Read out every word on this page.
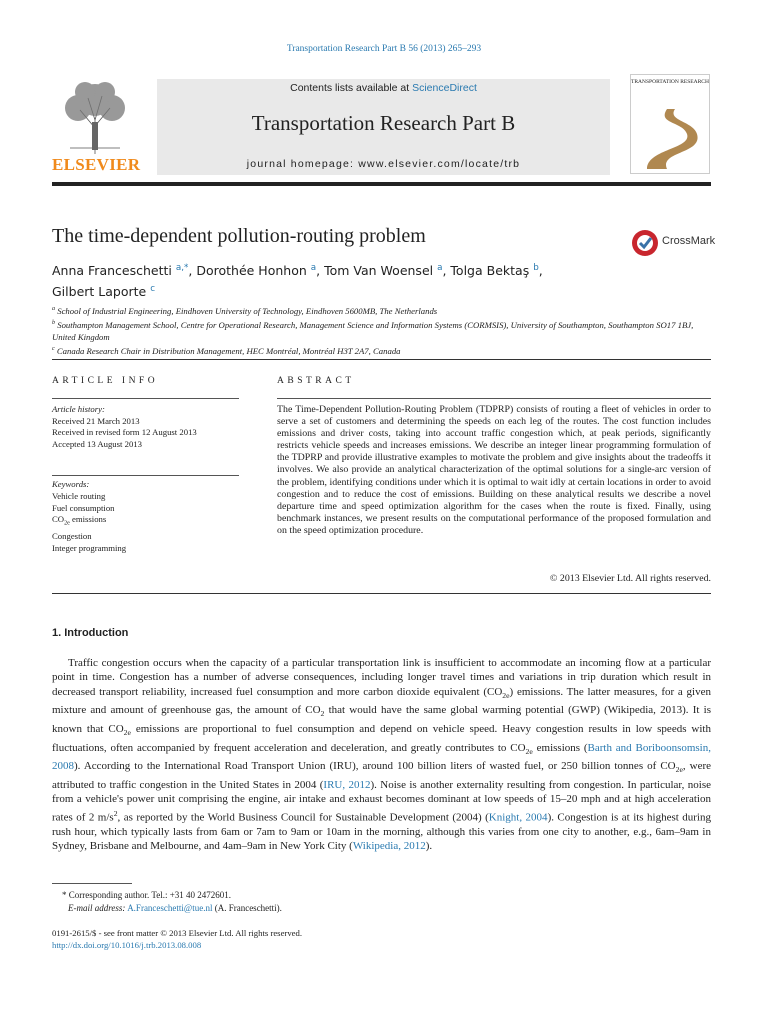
Transportation Research Part B 56 (2013) 265–293
ELSEVIER
Contents lists available at ScienceDirect
Transportation Research Part B
journal homepage: www.elsevier.com/locate/trb
TRANSPORTATION RESEARCH
The time-dependent pollution-routing problem	CrossMark
Anna Franceschetti $^{a,*}$, Dorothée Honhon $^a$, Tom Van Woensel $^a$, Tolga Bektaş $^b$,
Gilbert Laporte $^c$
$^a$ School of Industrial Engineering, Eindhoven University of Technology, Eindhoven 5600MB, The Netherlands
$^b$ Southampton Management School, Centre for Operational Research, Management Science and Information Systems (CORMSIS), University of Southampton, Southampton SO17 1BJ, United Kingdom
$^c$ Canada Research Chair in Distribution Management, HEC Montréal, Montréal H3T 2A7, Canada
ARTICLE INFO	ABSTRACT
Article history:
Received 21 March 2013
Received in revised form 12 August 2013
Accepted 13 August 2013
Keywords:
Vehicle routing
Fuel consumption
$CO_{2e}$ emissions
Congestion
Integer programming
The Time-Dependent Pollution-Routing Problem (TDPRP) consists of routing a fleet of vehicles in order to serve a set of customers and determining the speeds on each leg of the routes. The cost function includes emissions and driver costs, taking into account traffic congestion which, at peak periods, significantly restricts vehicle speeds and increases emissions. We describe an integer linear programming formulation of the TDPRP and provide illustrative examples to motivate the problem and give insights about the tradeoffs it involves. We also provide an analytical characterization of the optimal solutions for a single-arc version of the problem, identifying conditions under which it is optimal to wait idly at certain locations in order to avoid congestion and to reduce the cost of emissions. Building on these analytical results we describe a novel departure time and speed optimization algorithm for the cases when the route is fixed. Finally, using benchmark instances, we present results on the computational performance of the proposed formulation and on the speed optimization procedure.
© 2013 Elsevier Ltd. All rights reserved.
1. Introduction
Traffic congestion occurs when the capacity of a particular transportation link is insufficient to accommodate an incoming flow at a particular point in time. Congestion has a number of adverse consequences, including longer travel times and variations in trip duration which result in decreased transport reliability, increased fuel consumption and more carbon dioxide equivalent $(CO_{2e})$ emissions. The latter measures, for a given mixture and amount of greenhouse gas, the amount of $CO_2$ that would have the same global warming potential (GWP) (Wikipedia, 2013). It is known that $CO_{2e}$ emissions are proportional to fuel consumption and depend on vehicle speed. Heavy congestion results in low speeds with fluctuations, often accompanied by frequent acceleration and deceleration, and greatly contributes to $CO_{2e}$ emissions (Barth and Boriboonsomsin, 2008). According to the International Road Transport Union (IRU), around 100 billion liters of wasted fuel, or 250 billion tonnes of $CO_{2e}$, were attributed to traffic congestion in the United States in 2004 (IRU, 2012). Noise is another externality resulting from congestion. In particular, noise from a vehicle's power unit comprising the engine, air intake and exhaust becomes dominant at low speeds of 15–20 mph and at high acceleration rates of 2 $m/s^2$, as reported by the World Business Council for Sustainable Development (2004) (Knight, 2004). Congestion is at its highest during rush hour, which typically lasts from 6am or 7am to 9am or 10am in the morning, although this varies from one city to another, e.g., 6am–9am in Sydney, Brisbane and Melbourne, and 4am–9am in New York City (Wikipedia, 2012).
* Corresponding author. Tel.: +31 40 2472601.
E-mail address: A.Franceschetti@tue.nl (A. Franceschetti).
0191-2615/$ - see front matter © 2013 Elsevier Ltd. All rights reserved.
http://dx.doi.org/10.1016/j.trb.2013.08.008
